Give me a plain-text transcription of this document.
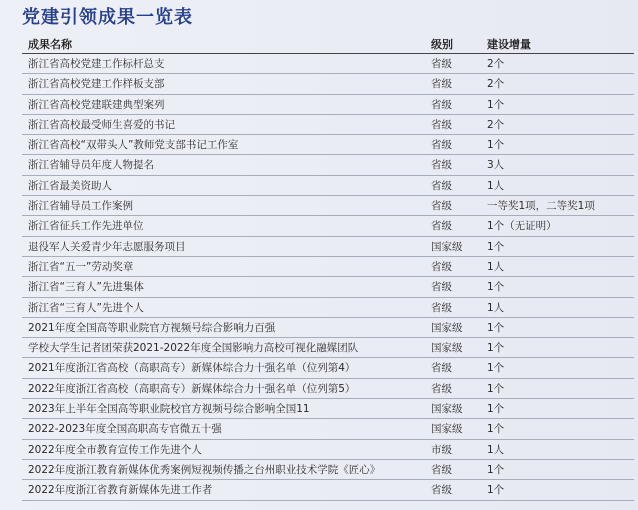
党建引领成果一览表
成果名称	级别	建设增量
浙江省高校党建工作标杆总支	省级	2个
浙江省高校党建工作样板支部	省级	2个
浙江省高校党建联建典型案列	省级	1个
浙江省高校最受师生喜爱的书记	省级	2个
浙江省高校“双带头人”教师党支部书记工作室	省级	1个
浙江省辅导员年度人物提名	省级	3人
浙江省最美资助人	省级	1人
浙江省辅导员工作案例	省级	一等奖1项，二等奖1项
浙江省征兵工作先进单位	省级	1个（无证明）
退役军人关爱青少年志愿服务项目	国家级	1个
浙江省“五一”劳动奖章	省级	1人
浙江省“三育人”先进集体	省级	1个
浙江省“三育人”先进个人	省级	1人
2021年度全国高等职业院官方视频号综合影响力百强	国家级	1个
学校大学生记者团荣获2021-2022年度全国影响力高校可视化融媒团队	国家级	1个
2021年度浙江省高校（高职高专）新媒体综合力十强名单（位列第4）	省级	1个
2022年度浙江省高校（高职高专）新媒体综合力十强名单（位列第5）	省级	1个
2023年上半年全国高等职业院校官方视频号综合影响全国11	国家级	1个
2022-2023年度全国高职高专官微五十强	国家级	1个
2022年度全市教育宣传工作先进个人	市级	1人
2022年度浙江教育新媒体优秀案例短视频传播之台州职业技术学院《匠心》	省级	1个
2022年度浙江省教育新媒体先进工作者	省级	1个
